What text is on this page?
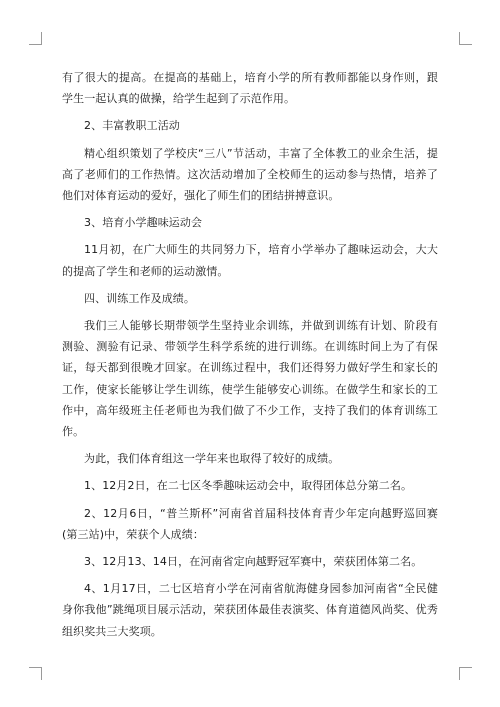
有了很大的提高。在提高的基础上，培育小学的所有教师都能以身作则，跟学生一起认真的做操，给学生起到了示范作用。

2、丰富教职工活动

精心组织策划了学校庆“三八”节活动，丰富了全体教工的业余生活，提高了老师们的工作热情。这次活动增加了全校师生的运动参与热情，培养了他们对体育运动的爱好，强化了师生们的团结拼搏意识。

3、培育小学趣味运动会

11月初，在广大师生的共同努力下，培育小学举办了趣味运动会，大大的提高了学生和老师的运动激情。

四、训练工作及成绩。

我们三人能够长期带领学生坚持业余训练，并做到训练有计划、阶段有测验、测验有记录、带领学生科学系统的进行训练。在训练时间上为了有保证，每天都到很晚才回家。在训练过程中，我们还得努力做好学生和家长的工作，使家长能够让学生训练，使学生能够安心训练。在做学生和家长的工作中，高年级班主任老师也为我们做了不少工作，支持了我们的体育训练工作。

为此，我们体育组这一学年来也取得了较好的成绩。

1、12月2日，在二七区冬季趣味运动会中，取得团体总分第二名。

2、12月6日，“普兰斯杯”河南省首届科技体育青少年定向越野巡回赛(第三站)中，荣获个人成绩：

3、12月13、14日，在河南省定向越野冠军赛中，荣获团体第二名。

4、1月17日，二七区培育小学在河南省航海健身园参加河南省“全民健身你我他”跳绳项目展示活动，荣获团体最佳表演奖、体育道德风尚奖、优秀组织奖共三大奖项。
